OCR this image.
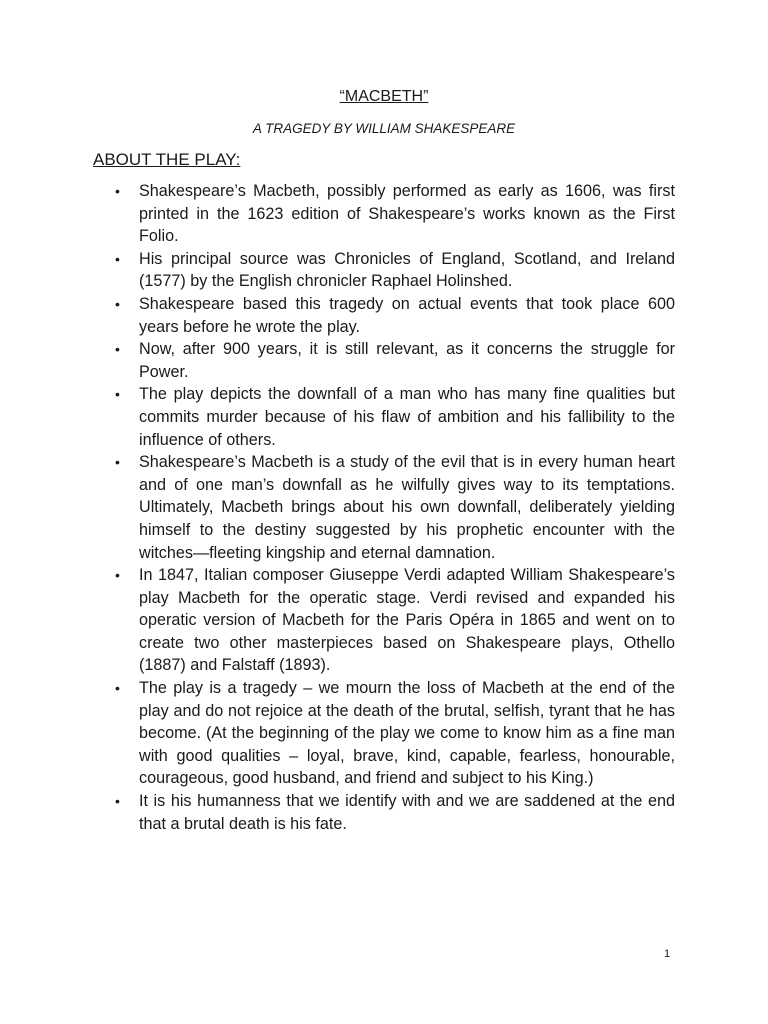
“MACBETH”
A TRAGEDY BY WILLIAM SHAKESPEARE
ABOUT THE PLAY:
• Shakespeare’s Macbeth, possibly performed as early as 1606, was first printed in the 1623 edition of Shakespeare’s works known as the First Folio.
• His principal source was Chronicles of England, Scotland, and Ireland (1577) by the English chronicler Raphael Holinshed.
• Shakespeare based this tragedy on actual events that took place 600 years before he wrote the play.
• Now, after 900 years, it is still relevant, as it concerns the struggle for Power.
• The play depicts the downfall of a man who has many fine qualities but commits murder because of his flaw of ambition and his fallibility to the influence of others.
• Shakespeare’s Macbeth is a study of the evil that is in every human heart and of one man’s downfall as he wilfully gives way to its temptations. Ultimately, Macbeth brings about his own downfall, deliberately yielding himself to the destiny suggested by his prophetic encounter with the witches—fleeting kingship and eternal damnation.
• In 1847, Italian composer Giuseppe Verdi adapted William Shakespeare’s play Macbeth for the operatic stage. Verdi revised and expanded his operatic version of Macbeth for the Paris Opéra in 1865 and went on to create two other masterpieces based on Shakespeare plays, Othello (1887) and Falstaff (1893).
• The play is a tragedy – we mourn the loss of Macbeth at the end of the play and do not rejoice at the death of the brutal, selfish, tyrant that he has become. (At the beginning of the play we come to know him as a fine man with good qualities – loyal, brave, kind, capable, fearless, honourable, courageous, good husband, and friend and subject to his King.)
• It is his humanness that we identify with and we are saddened at the end that a brutal death is his fate.
1
